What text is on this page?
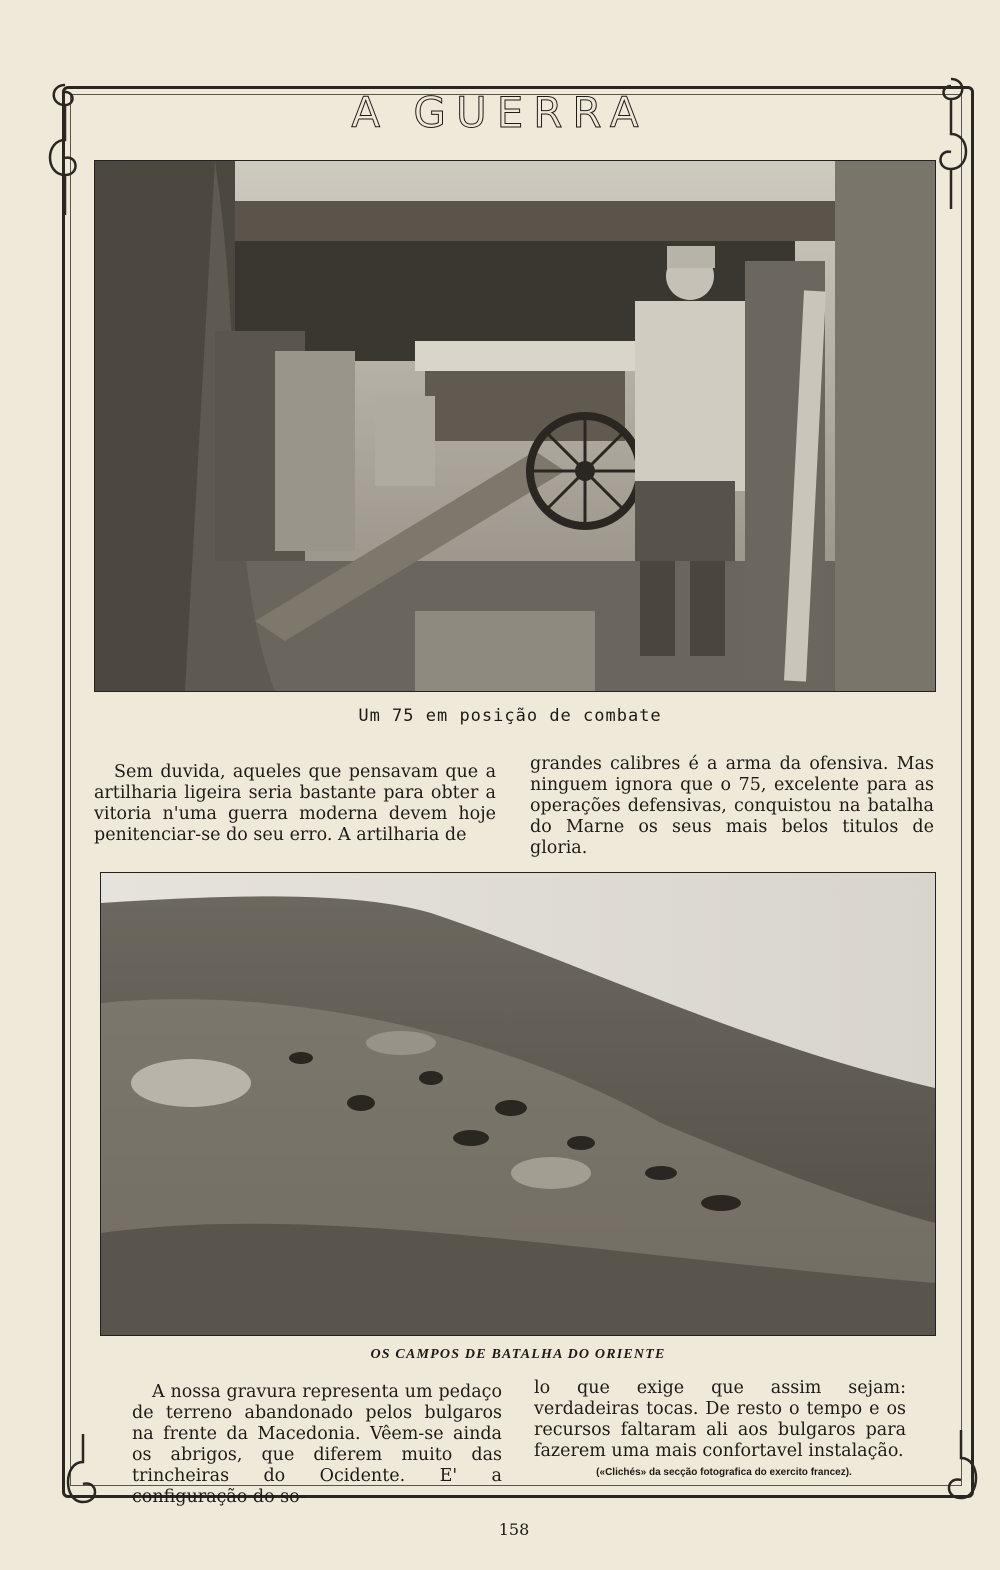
A GUERRA
Um 75 em posição de combate

Sem duvida, aqueles que pensavam que a artilharia ligeira seria bastante para obter a vitoria n'uma guerra moderna devem hoje penitenciar-se do seu erro. A artilharia de

grandes calibres é a arma da ofensiva. Mas ninguem ignora que o 75, excelente para as operações defensivas, conquistou na batalha do Marne os seus mais belos titulos de gloria.

OS CAMPOS DE BATALHA DO ORIENTE

A nossa gravura representa um pedaço de terreno abandonado pelos bulgaros na frente da Macedonia. Vêem-se ainda os abrigos, que diferem muito das trincheiras do Ocidente. E' a configuração do so-

lo que exige que assim sejam: verdadeiras tocas. De resto o tempo e os recursos faltaram ali aos bulgaros para fazerem uma mais confortavel instalação.

(«Clichés» da secção fotografica do exercito francez).
158
